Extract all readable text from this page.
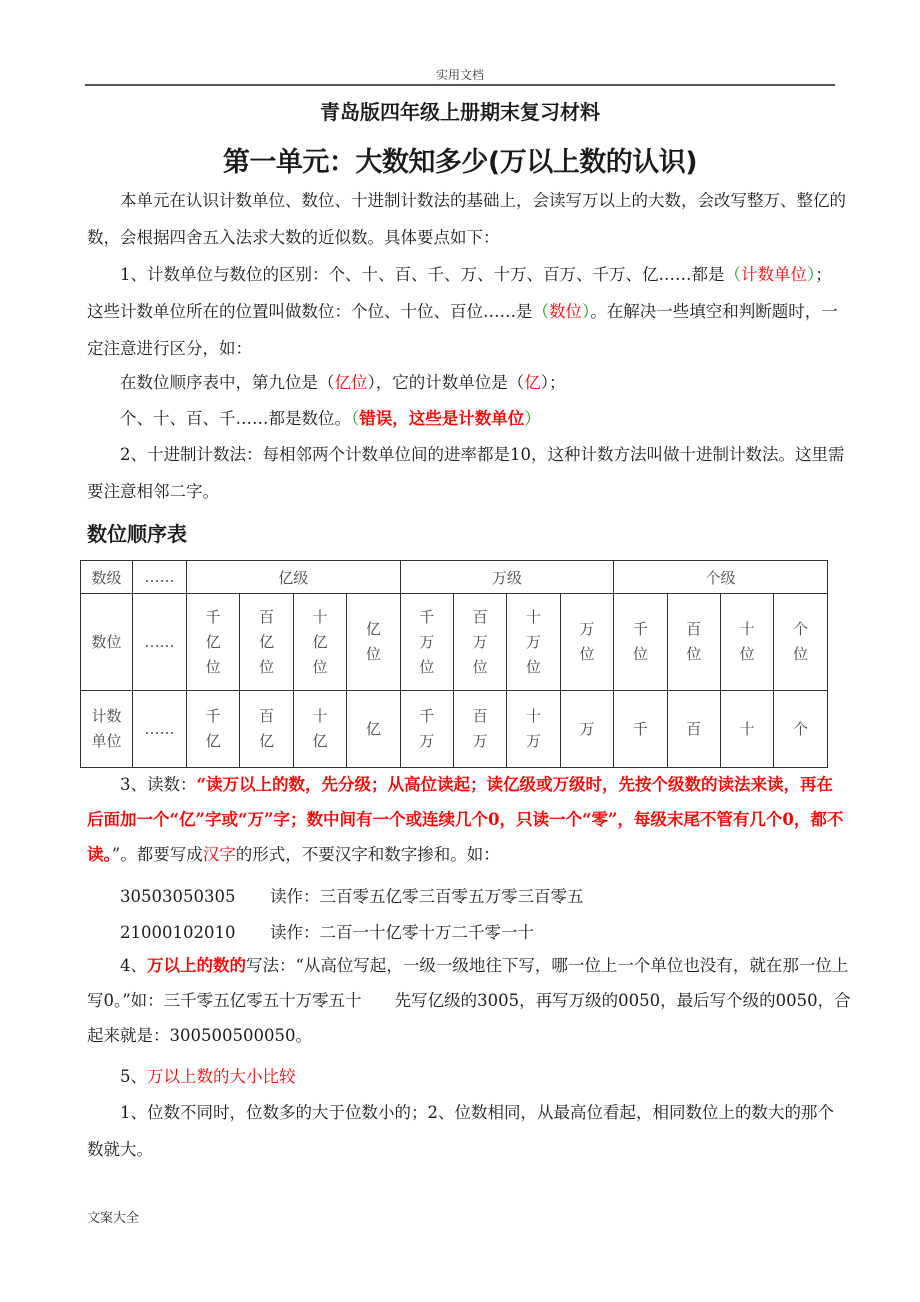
实用文档
青岛版四年级上册期末复习材料
第一单元：大数知多少(万以上数的认识)
本单元在认识计数单位、数位、十进制计数法的基础上，会读写万以上的大数，会改写整万、整亿的数，会根据四舍五入法求大数的近似数。具体要点如下：
1、计数单位与数位的区别：个、十、百、千、万、十万、百万、千万、亿……都是（计数单位）；这些计数单位所在的位置叫做数位：个位、十位、百位……是（数位）。在解决一些填空和判断题时，一定注意进行区分，如：
在数位顺序表中，第九位是（亿位），它的计数单位是（亿）；
个、十、百、千……都是数位。（错误，这些是计数单位）
2、十进制计数法：每相邻两个计数单位间的进率都是10，这种计数方法叫做十进制计数法。这里需要注意相邻二字。
数位顺序表
数级	……	亿级				万级				个级			
数位	……	千亿位	百亿位	十亿位	亿位	千万位	百万位	十万位	万位	千位	百位	十位	个位
计数单位	……	千亿	百亿	十亿	亿	千万	百万	十万	万	千	百	十	个
3、读数：“读万以上的数，先分级；从高位读起；读亿级或万级时，先按个级数的读法来读，再在后面加一个“亿”字或“万”字；数中间有一个或连续几个0，只读一个“零”，每级末尾不管有几个0，都不读。”。都要写成汉字的形式，不要汉字和数字掺和。如：
30503050305 读作：三百零五亿零三百零五万零三百零五
21000102010 读作：二百一十亿零十万二千零一十
4、万以上的数的写法：“从高位写起，一级一级地往下写，哪一位上一个单位也没有，就在那一位上写0。”如：三千零五亿零五十万零五十　　先写亿级的3005，再写万级的0050，最后写个级的0050，合起来就是：300500500050。
5、万以上数的大小比较
1、位数不同时，位数多的大于位数小的；2、位数相同，从最高位看起，相同数位上的数大的那个数就大。
文案大全
